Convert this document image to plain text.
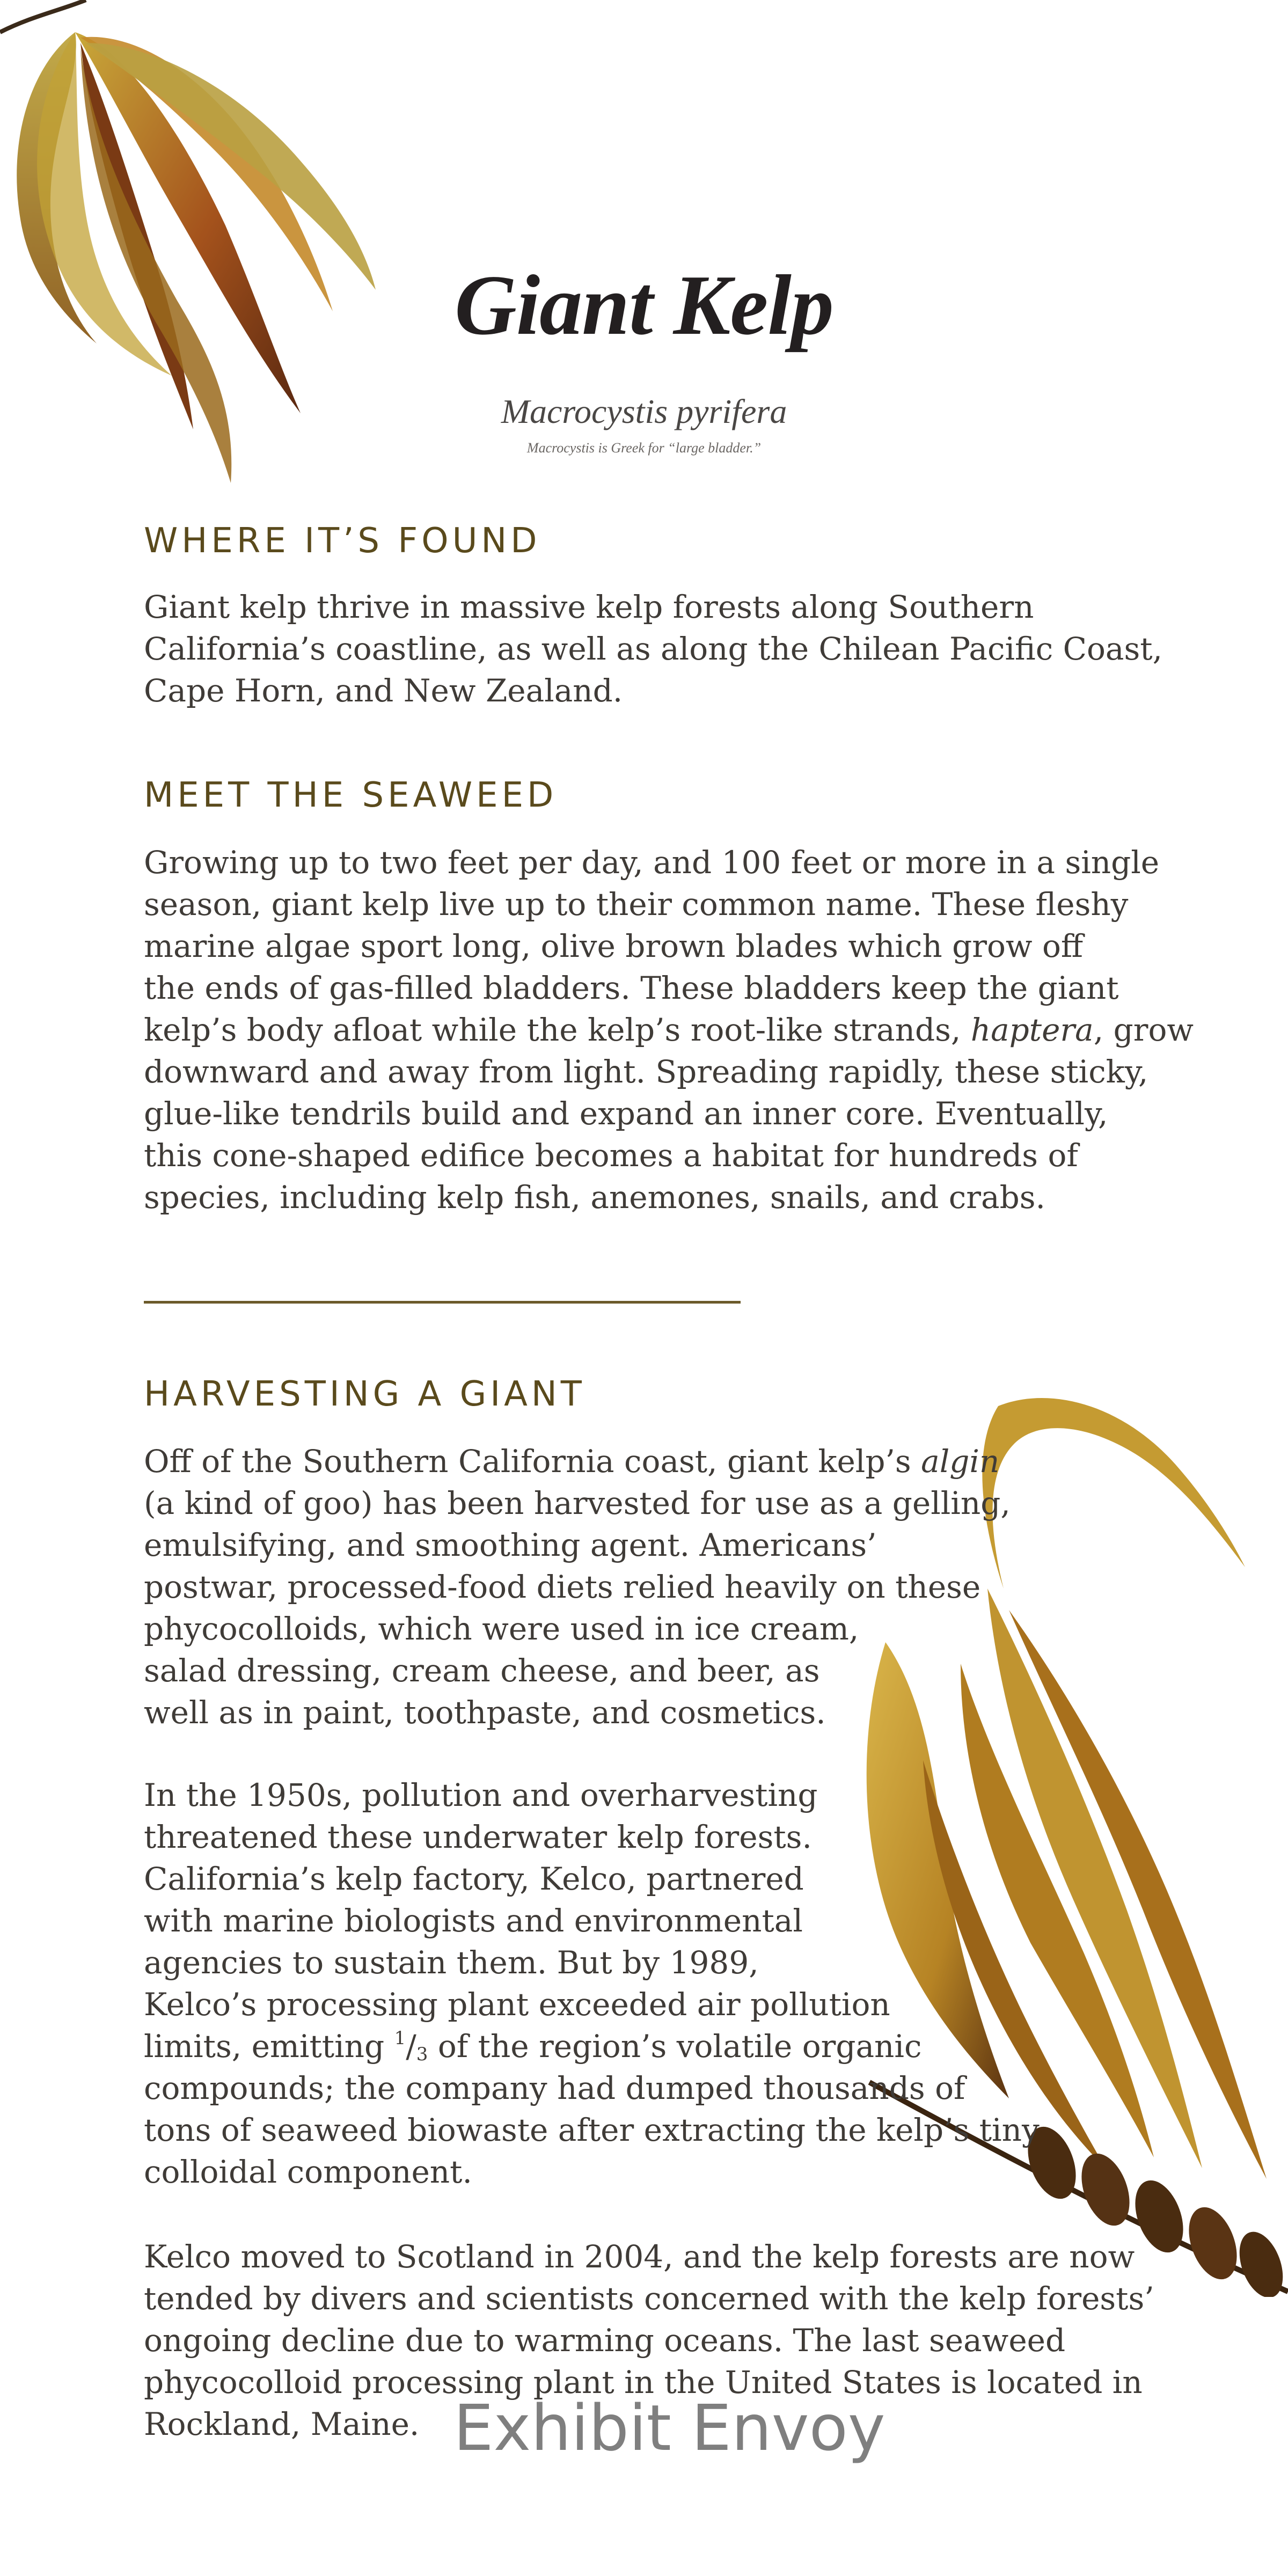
Giant Kelp
Macrocystis pyrifera
Macrocystis is Greek for “large bladder.”
WHERE IT’S FOUND
Giant kelp thrive in massive kelp forests along Southern
California’s coastline, as well as along the Chilean Pacific Coast,
Cape Horn, and New Zealand.
MEET THE SEAWEED
Growing up to two feet per day, and 100 feet or more in a single
season, giant kelp live up to their common name. These fleshy
marine algae sport long, olive brown blades which grow off
the ends of gas-filled bladders. These bladders keep the giant
kelp’s body afloat while the kelp’s root-like strands, haptera, grow
downward and away from light. Spreading rapidly, these sticky,
glue-like tendrils build and expand an inner core. Eventually,
this cone-shaped edifice becomes a habitat for hundreds of
species, including kelp fish, anemones, snails, and crabs.
HARVESTING A GIANT
Off of the Southern California coast, giant kelp’s algin
(a kind of goo) has been harvested for use as a gelling,
emulsifying, and smoothing agent. Americans’
postwar, processed-food diets relied heavily on these
phycocolloids, which were used in ice cream,
salad dressing, cream cheese, and beer, as
well as in paint, toothpaste, and cosmetics.
In the 1950s, pollution and overharvesting
threatened these underwater kelp forests.
California’s kelp factory, Kelco, partnered
with marine biologists and environmental
agencies to sustain them. But by 1989,
Kelco’s processing plant exceeded air pollution
limits, emitting $^1/_3$ of the region’s volatile organic
compounds; the company had dumped thousands of
tons of seaweed biowaste after extracting the kelp’s tiny
colloidal component.
Kelco moved to Scotland in 2004, and the kelp forests are now
tended by divers and scientists concerned with the kelp forests’
ongoing decline due to warming oceans. The last seaweed
phycocolloid processing plant in the United States is located in
Rockland, Maine. Exhibit Envoy
